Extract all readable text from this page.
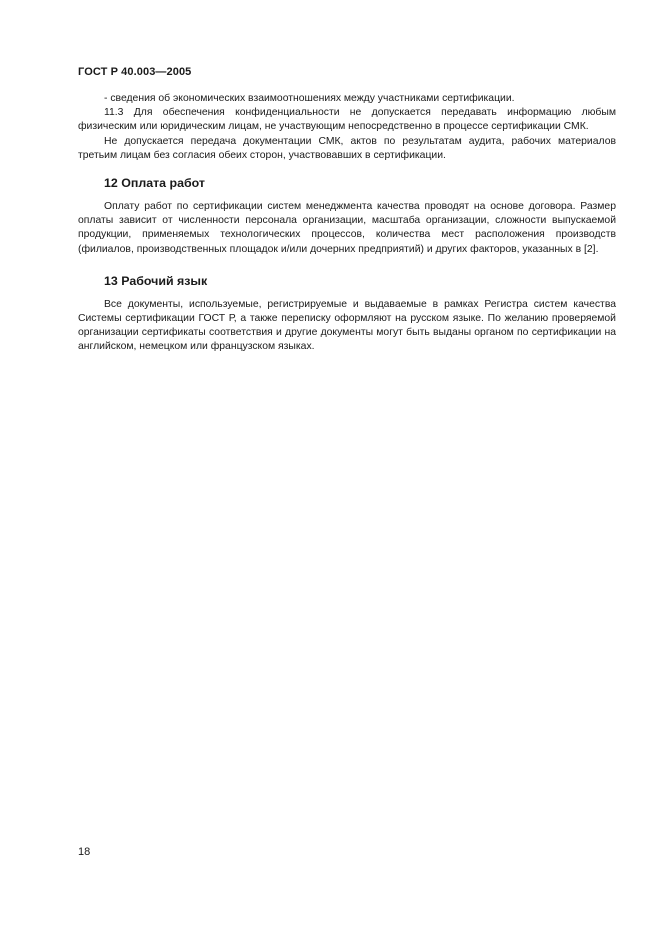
ГОСТ Р 40.003—2005

- сведения об экономических взаимоотношениях между участниками сертификации.

11.3 Для обеспечения конфиденциальности не допускается передавать информацию любым физическим или юридическим лицам, не участвующим непосредственно в процессе сертификации СМК.

Не допускается передача документации СМК, актов по результатам аудита, рабочих материалов третьим лицам без согласия обеих сторон, участвовавших в сертификации.

12 Оплата работ

Оплату работ по сертификации систем менеджмента качества проводят на основе договора. Размер оплаты зависит от численности персонала организации, масштаба организации, сложности выпускаемой продукции, применяемых технологических процессов, количества мест расположения производств (филиалов, производственных площадок и/или дочерних предприятий) и других факторов, указанных в [2].

13 Рабочий язык

Все документы, используемые, регистрируемые и выдаваемые в рамках Регистра систем качества Системы сертификации ГОСТ Р, а также переписку оформляют на русском языке. По желанию проверяемой организации сертификаты соответствия и другие документы могут быть выданы органом по сертификации на английском, немецком или французском языках.

18
